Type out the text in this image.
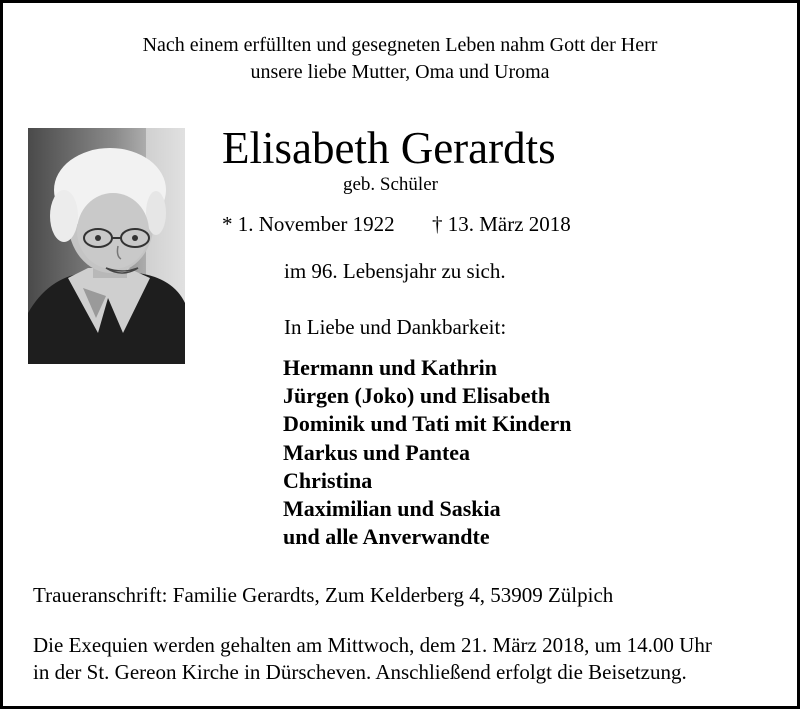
Nach einem erfüllten und gesegneten Leben nahm Gott der Herr
unsere liebe Mutter, Oma und Uroma
Elisabeth Gerardts
geb. Schüler
* 1. November 1922 † 13. März 2018
im 96. Lebensjahr zu sich.
In Liebe und Dankbarkeit:
Hermann und Kathrin
Jürgen (Joko) und Elisabeth
Dominik und Tati mit Kindern
Markus und Pantea
Christina
Maximilian und Saskia
und alle Anverwandte
Traueranschrift: Familie Gerardts, Zum Kelderberg 4, 53909 Zülpich
Die Exequien werden gehalten am Mittwoch, dem 21. März 2018, um 14.00 Uhr
in der St. Gereon Kirche in Dürscheven. Anschließend erfolgt die Beisetzung.
